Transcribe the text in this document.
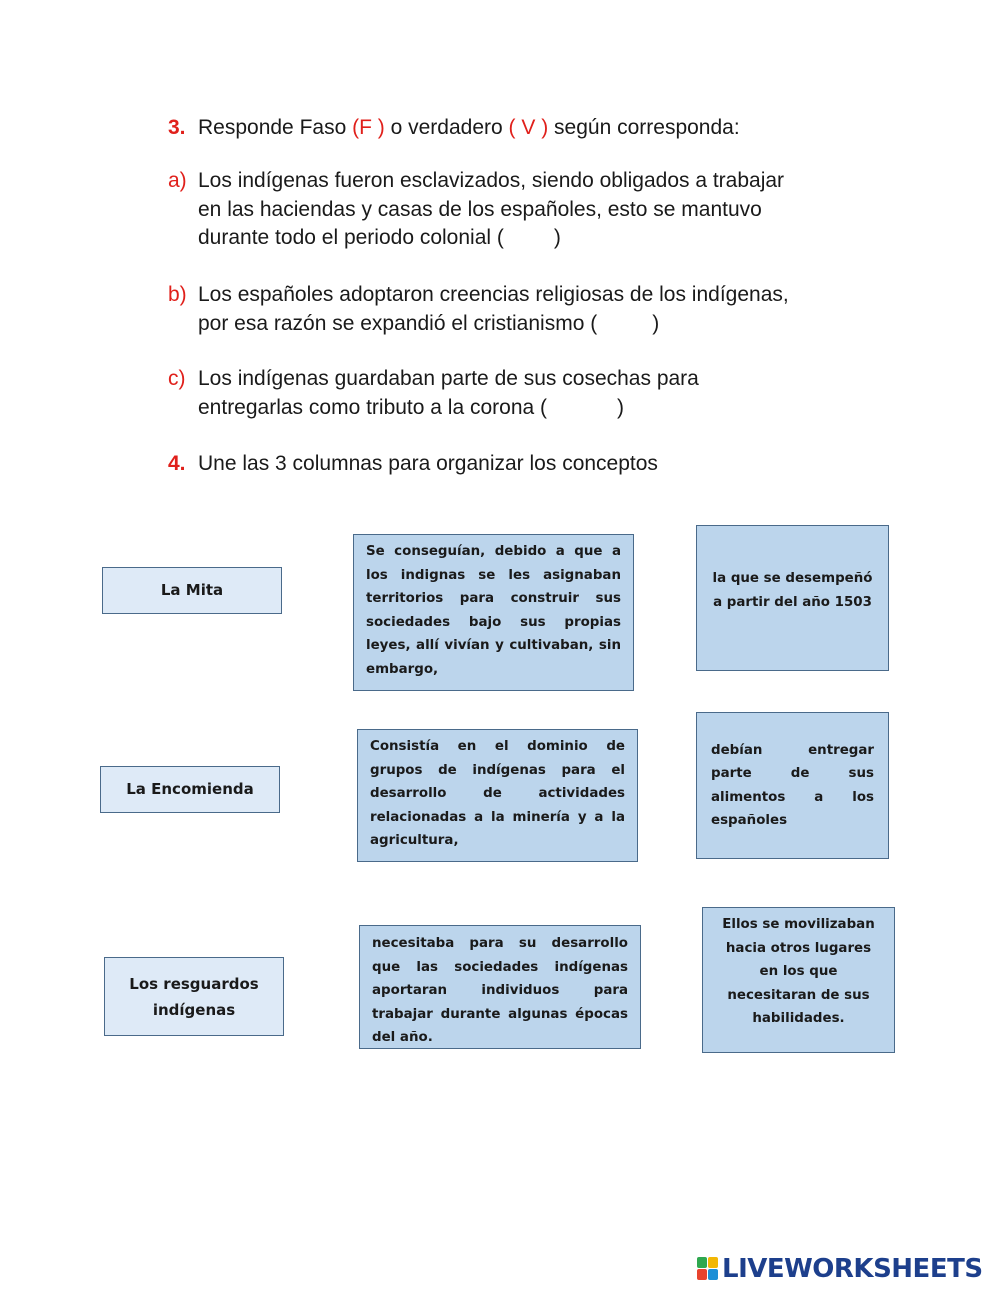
3. Responde Faso (F ) o verdadero ( V ) según corresponda:
a) Los indígenas fueron esclavizados, siendo obligados a trabajar
en las haciendas y casas de los españoles, esto se mantuvo
durante todo el periodo colonial ( )
b) Los españoles adoptaron creencias religiosas de los indígenas,
por esa razón se expandió el cristianismo (	)
c) Los indígenas guardaban parte de sus cosechas para
entregarlas como tributo a la corona (	)
4. Une las 3 columnas para organizar los conceptos
La Mita
La Encomienda
Los resguardos indígenas
Se conseguían, debido a que a los indignas se les asignaban territorios para construir sus sociedades bajo sus propias leyes, allí vivían y cultivaban, sin embargo,
Consistía en el dominio de grupos de indígenas para el desarrollo de actividades relacionadas a la minería y a la agricultura,
necesitaba para su desarrollo que las sociedades indígenas aportaran individuos para trabajar durante algunas épocas del año.
la que se desempeñó a partir del año 1503
debían entregar parte de sus alimentos a los españoles
Ellos se movilizaban hacia otros lugares en los que necesitaran de sus habilidades.
LIVEWORKSHEETS
